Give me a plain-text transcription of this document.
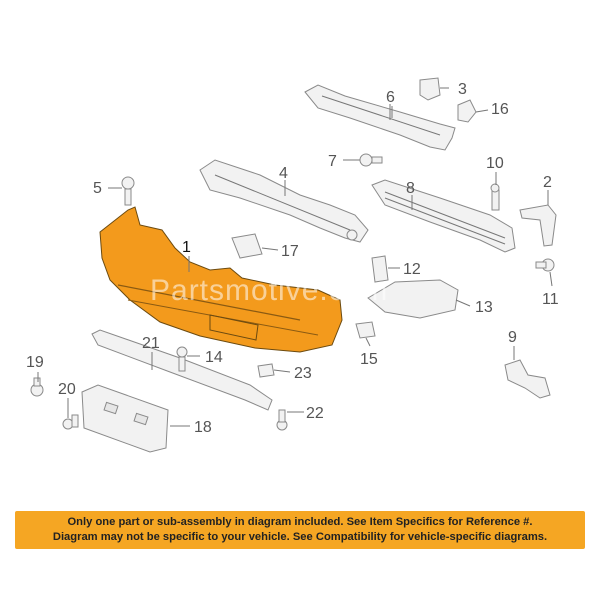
Partsmotive.com
1
2
3
4
5
6
7
8
9
10
11
12
13
14	15
16
17
18
19
20
21
22
23
Only one part or sub-assembly in diagram included. See Item Specifics for Reference #.
Diagram may not be specific to your vehicle. See Compatibility for vehicle-specific diagrams.
